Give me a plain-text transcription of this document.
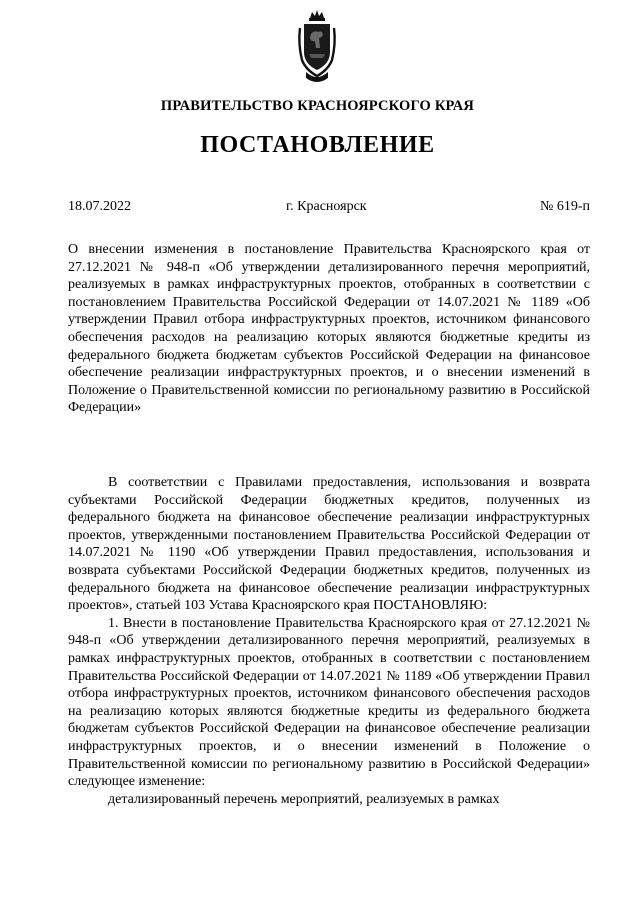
ПРАВИТЕЛЬСТВО КРАСНОЯРСКОГО КРАЯ
ПОСТАНОВЛЕНИЕ
18.07.2022	г. Красноярск	№ 619-п

О внесении изменения в постановление Правительства Красноярского края от 27.12.2021 № 948-п «Об утверждении детализированного перечня мероприятий, реализуемых в рамках инфраструктурных проектов, отобранных в соответствии с постановлением Правительства Российской Федерации от 14.07.2021 № 1189 «Об утверждении Правил отбора инфраструктурных проектов, источником финансового обеспечения расходов на реализацию которых являются бюджетные кредиты из федерального бюджета бюджетам субъектов Российской Федерации на финансовое обеспечение реализации инфраструктурных проектов, и о внесении изменений в Положение о Правительственной комиссии по региональному развитию в Российской Федерации»

В соответствии с Правилами предоставления, использования и возврата субъектами Российской Федерации бюджетных кредитов, полученных из федерального бюджета на финансовое обеспечение реализации инфраструктурных проектов, утвержденными постановлением Правительства Российской Федерации от 14.07.2021 № 1190 «Об утверждении Правил предоставления, использования и возврата субъектами Российской Федерации бюджетных кредитов, полученных из федерального бюджета на финансовое обеспечение реализации инфраструктурных проектов», статьей 103 Устава Красноярского края ПОСТАНОВЛЯЮ:

1. Внести в постановление Правительства Красноярского края от 27.12.2021 № 948-п «Об утверждении детализированного перечня мероприятий, реализуемых в рамках инфраструктурных проектов, отобранных в соответствии с постановлением Правительства Российской Федерации от 14.07.2021 № 1189 «Об утверждении Правил отбора инфраструктурных проектов, источником финансового обеспечения расходов на реализацию которых являются бюджетные кредиты из федерального бюджета бюджетам субъектов Российской Федерации на финансовое обеспечение реализации инфраструктурных проектов, и о внесении изменений в Положение о Правительственной комиссии по региональному развитию в Российской Федерации» следующее изменение:

детализированный перечень мероприятий, реализуемых в рамках
